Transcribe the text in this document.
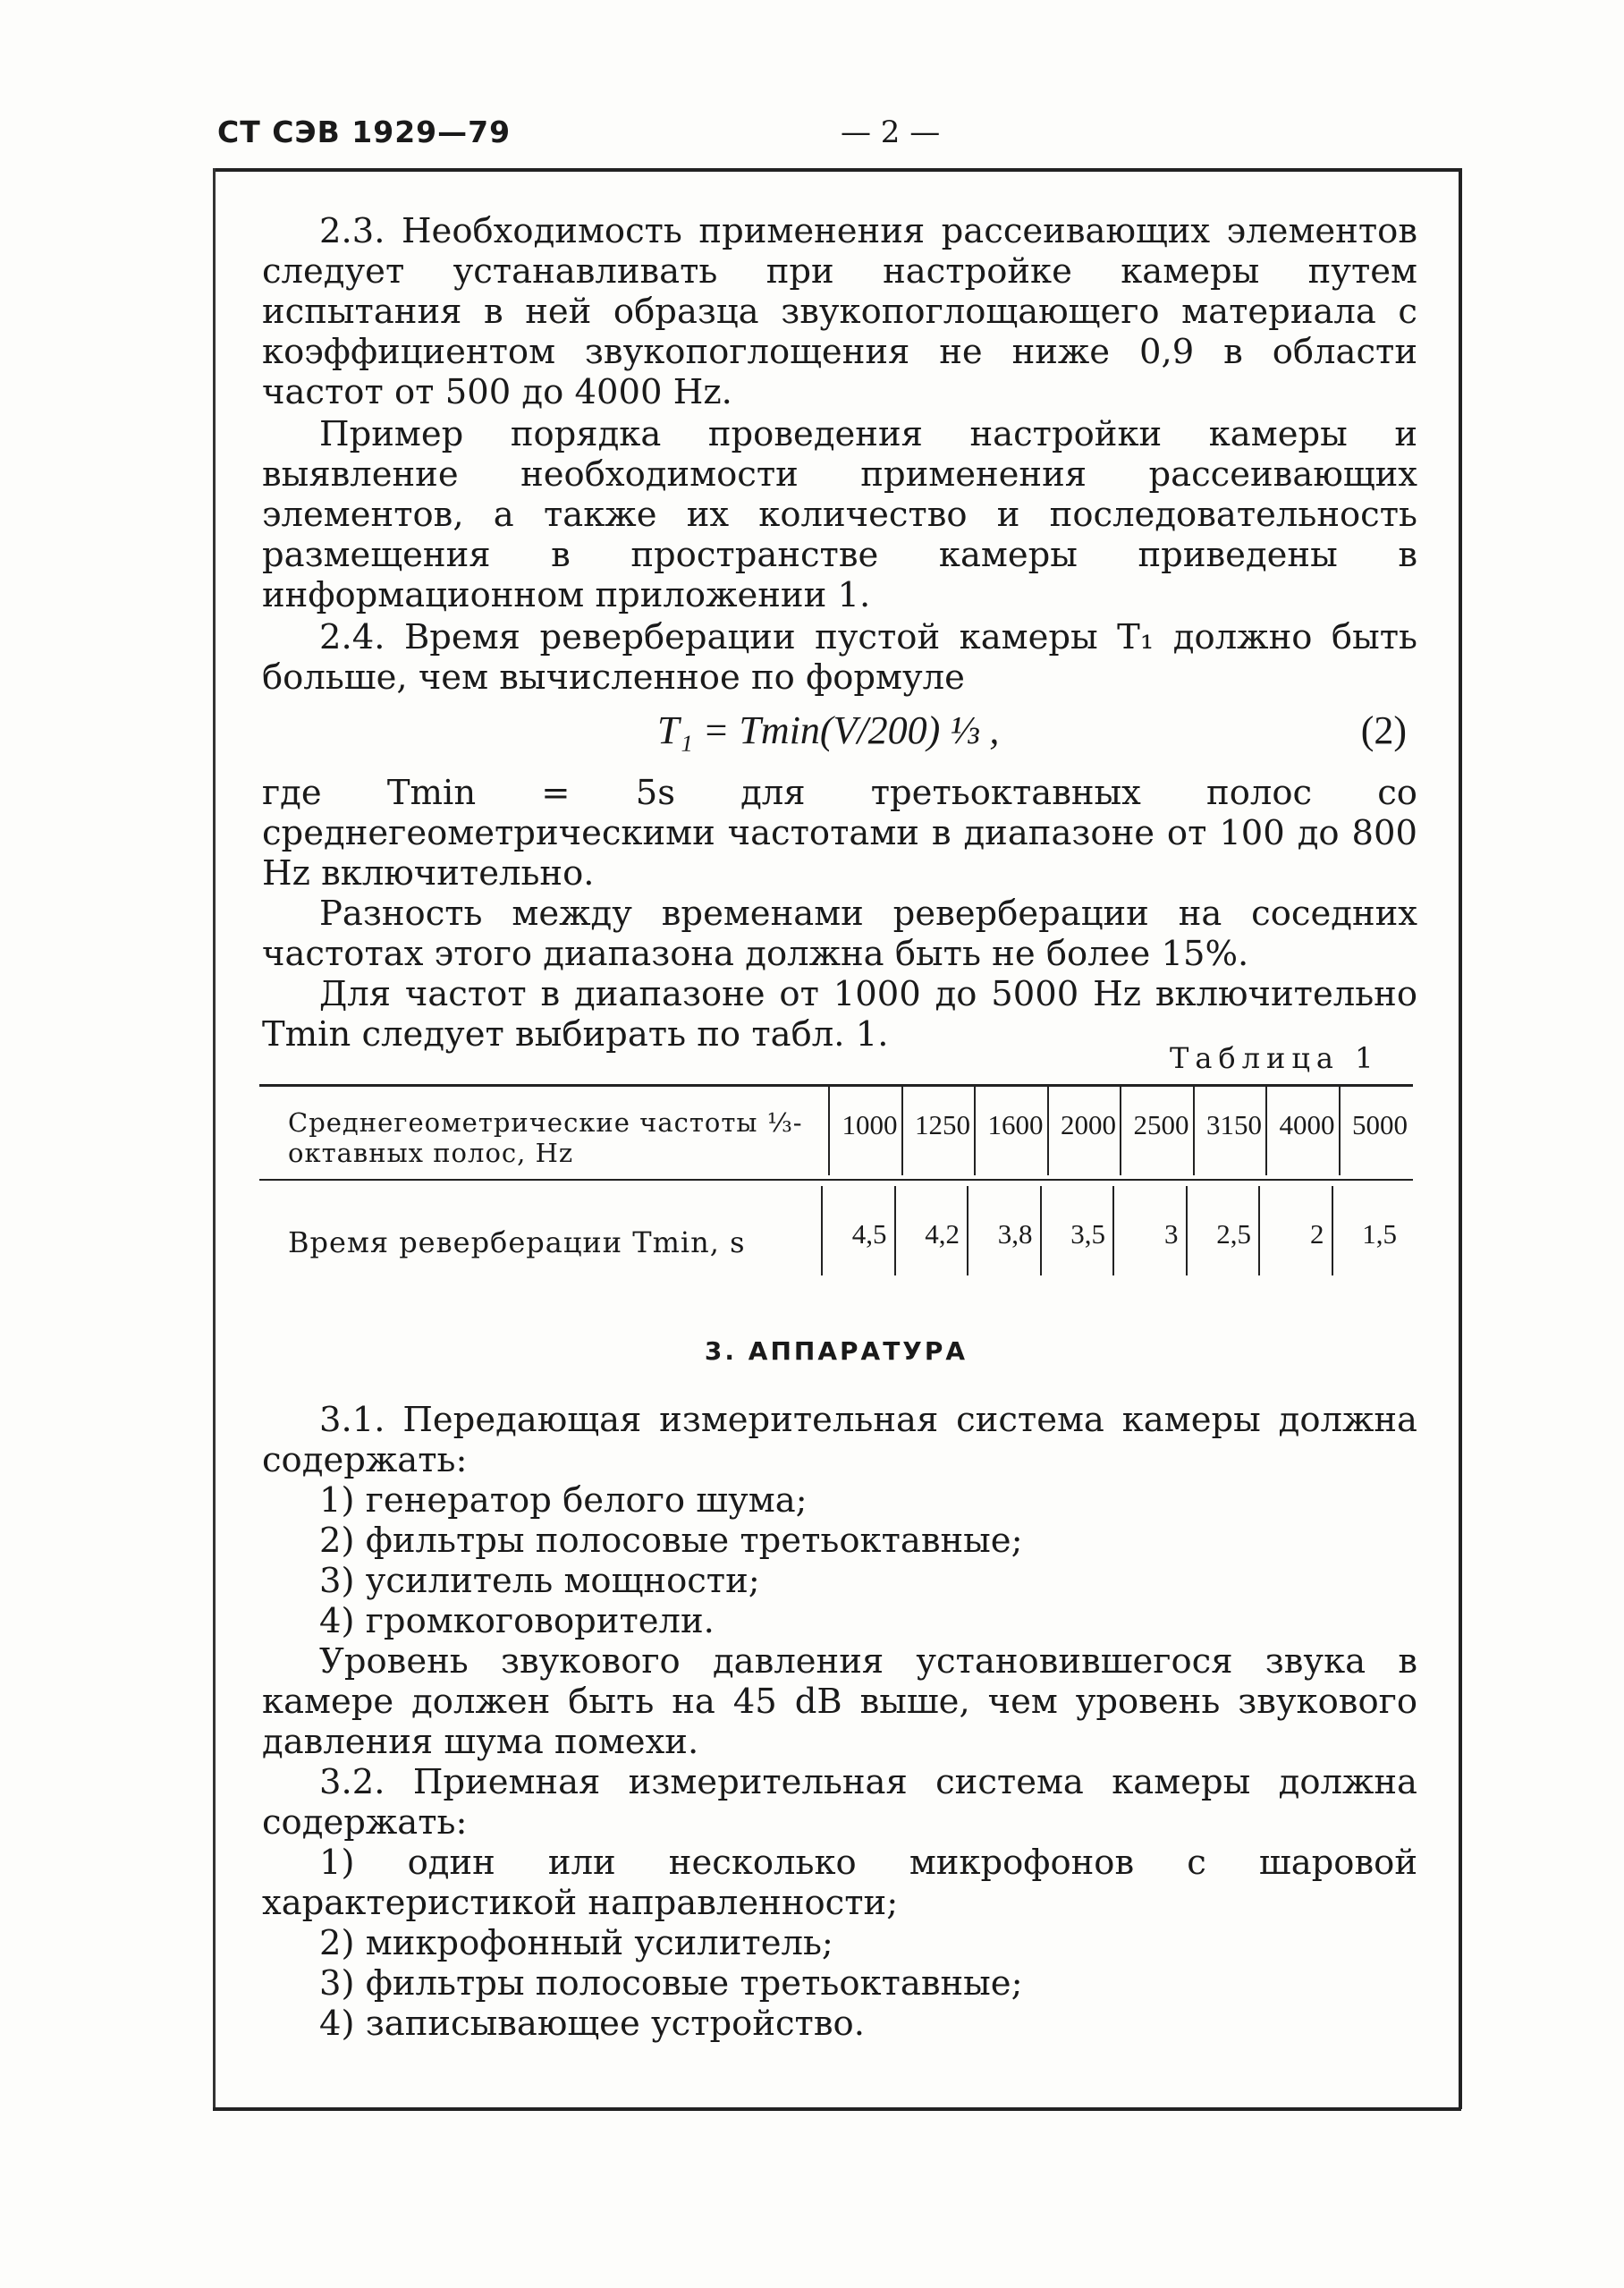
СТ СЭВ 1929—79	— 2 —

2.3. Необходимость применения рассеивающих элементов следует устанавливать при настройке камеры путем испытания в ней образца звукопоглощающего материала с коэффициентом звукопоглощения не ниже 0,9 в области частот от 500 до 4000 Hz.

Пример порядка проведения настройки камеры и выявление необходимости применения рассеивающих элементов, а также их количество и последовательность размещения в пространстве камеры приведены в информационном приложении 1.

2.4. Время реверберации пустой камеры T₁ должно быть больше, чем вычисленное по формуле

T₁ = Tmin(V/200) ⅓ ,	(2)

где Tmin = 5s для третьоктавных полос со среднегеометрическими частотами в диапазоне от 100 до 800 Hz включительно.

Разность между временами реверберации на соседних частотах этого диапазона должна быть не более 15%.

Для частот в диапазоне от 1000 до 5000 Hz включительно Tmin следует выбирать по табл. 1.

Таблица 1
Среднегеометрические частоты ⅓-октавных полос, Hz
Время реверберации Tmin, s
1000
4,5
1250
4,2
1600
3,8
2000
3,5
2500
3
3150
2,5
4000
2
5000
1,5
3. АППАРАТУРА

3.1. Передающая измерительная система камеры должна содержать:

1) генератор белого шума;

2) фильтры полосовые третьоктавные;

3) усилитель мощности;

4) громкоговорители.

Уровень звукового давления установившегося звука в камере должен быть на 45 dB выше, чем уровень звукового давления шума помехи.

3.2. Приемная измерительная система камеры должна содержать:

1) один или несколько микрофонов с шаровой характеристикой направленности;

2) микрофонный усилитель;

3) фильтры полосовые третьоктавные;

4) записывающее устройство.
